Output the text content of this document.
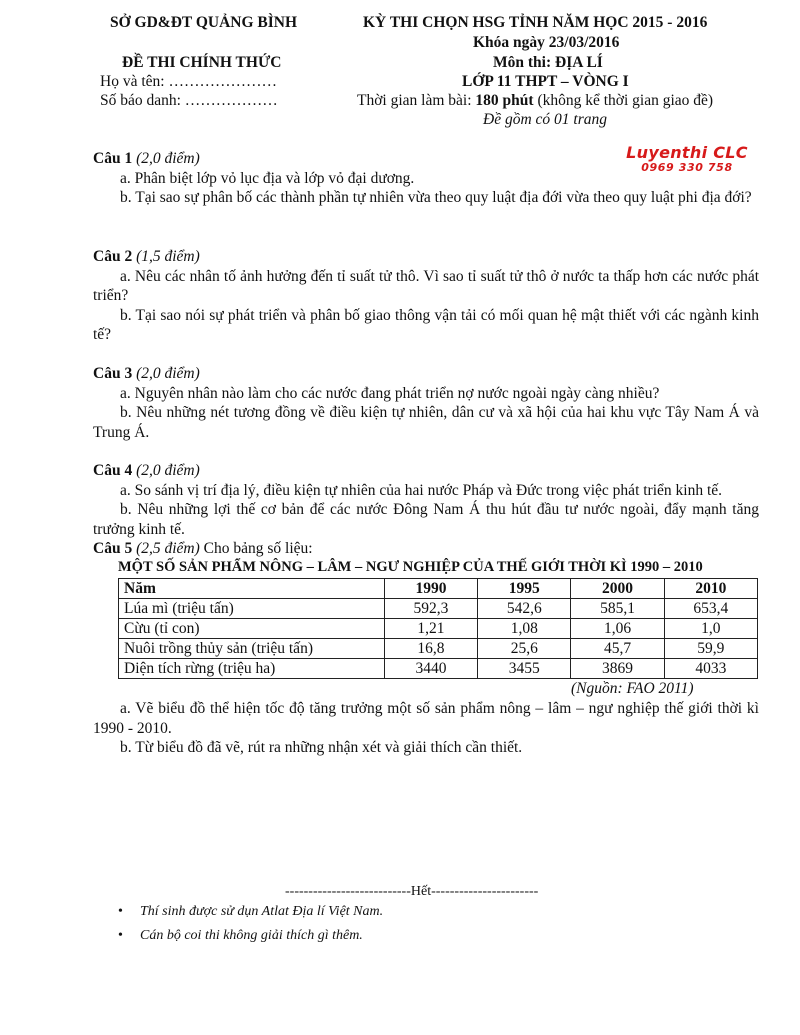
SỞ GD&ĐT QUẢNG BÌNH	KỲ THI CHỌN HSG TỈNH NĂM HỌC 2015 - 2016
Khóa ngày 23/03/2016
ĐỀ THI CHÍNH THỨC	Môn thi: ĐỊA LÍ
Họ và tên: …………………	LỚP 11 THPT – VÒNG I
Số báo danh: ………………	Thời gian làm bài: 180 phút (không kể thời gian giao đề)
Đề gồm có 01 trang
Luyenthi CLC
0969 330 758
Câu 1 (2,0 điểm)

a. Phân biệt lớp vỏ lục địa và lớp vỏ đại dương.

b. Tại sao sự phân bố các thành phần tự nhiên vừa theo quy luật địa đới vừa theo quy luật phi địa đới?

Câu 2 (1,5 điểm)

a. Nêu các nhân tố ảnh hưởng đến tỉ suất tử thô. Vì sao tỉ suất tử thô ở nước ta thấp hơn các nước phát triển?

b. Tại sao nói sự phát triển và phân bố giao thông vận tải có mối quan hệ mật thiết với các ngành kinh tế?

Câu 3 (2,0 điểm)

a. Nguyên nhân nào làm cho các nước đang phát triển nợ nước ngoài ngày càng nhiều?

b. Nêu những nét tương đồng về điều kiện tự nhiên, dân cư và xã hội của hai khu vực Tây Nam Á và Trung Á.

Câu 4 (2,0 điểm)

a. So sánh vị trí địa lý, điều kiện tự nhiên của hai nước Pháp và Đức trong việc phát triển kinh tế.

b. Nêu những lợi thế cơ bản để các nước Đông Nam Á thu hút đầu tư nước ngoài, đẩy mạnh tăng trưởng kinh tế.

Câu 5 (2,5 điểm) Cho bảng số liệu:
MỘT SỐ SẢN PHẨM NÔNG – LÂM – NGƯ NGHIỆP CỦA THẾ GIỚI THỜI KÌ 1990 – 2010
Năm	1990	1995	2000	2010
Lúa mì (triệu tấn)	592,3	542,6	585,1	653,4
Cừu (tỉ con)	1,21	1,08	1,06	1,0
Nuôi trồng thủy sản (triệu tấn)	16,8	25,6	45,7	59,9
Diện tích rừng (triệu ha)	3440	3455	3869	4033
(Nguồn: FAO 2011)

a. Vẽ biểu đồ thể hiện tốc độ tăng trưởng một số sản phẩm nông – lâm – ngư nghiệp thế giới thời kì 1990 - 2010.

b. Từ biểu đồ đã vẽ, rút ra những nhận xét và giải thích cần thiết.

---------------------------Hết-----------------------
• Thí sinh được sử dụn Atlat Địa lí Việt Nam.
• Cán bộ coi thi không giải thích gì thêm.
